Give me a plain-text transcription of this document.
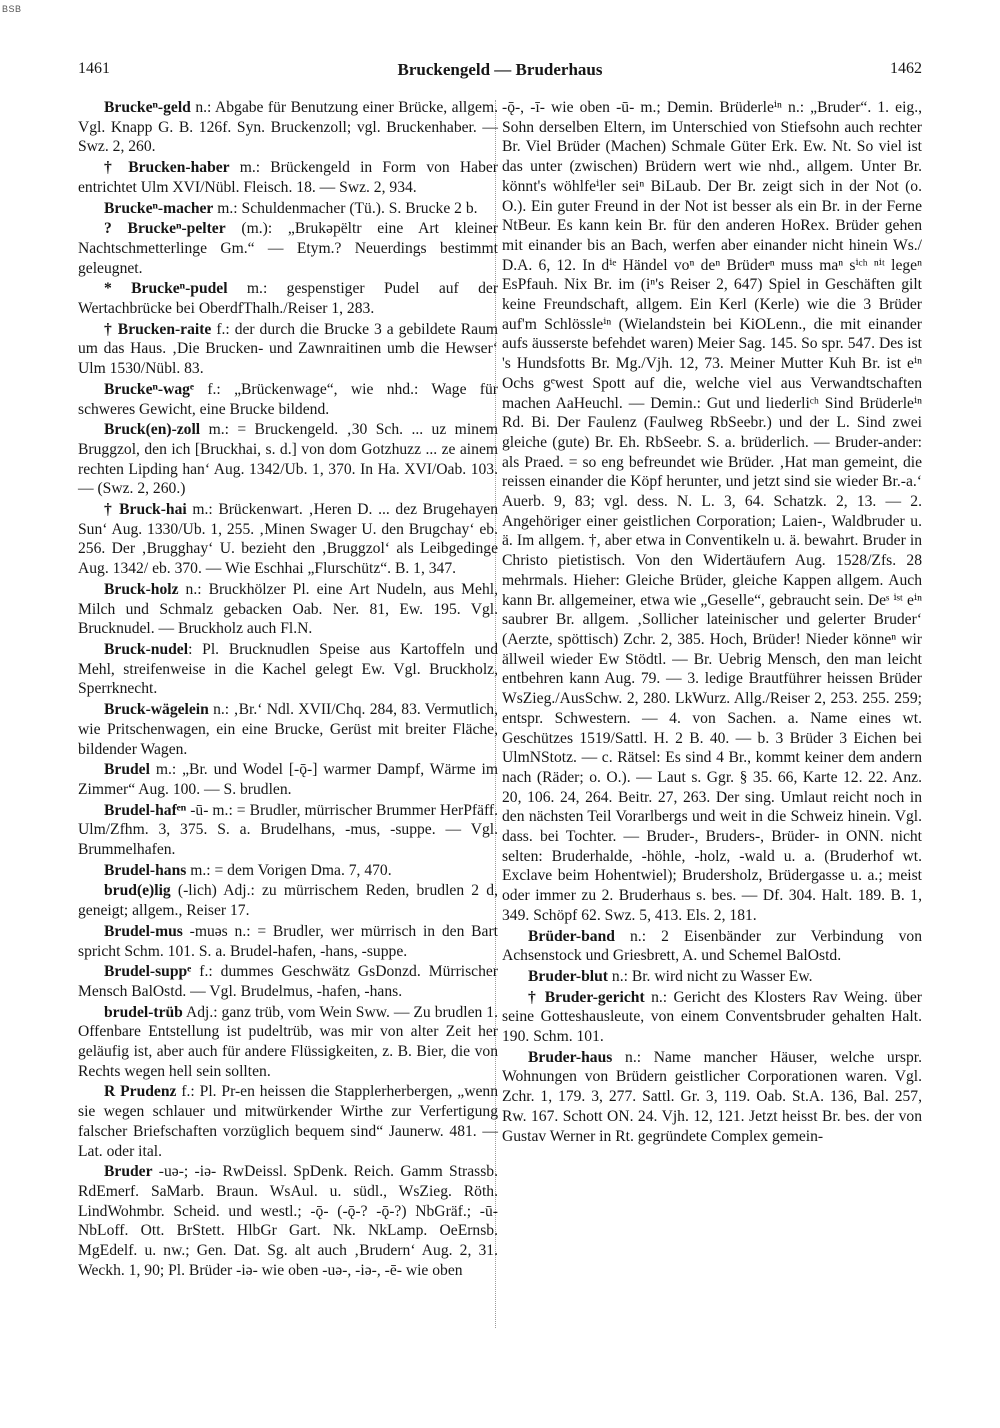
BSB
1461	Bruckengeld — Bruderhaus	1462

Bruckeⁿ-geld n.: Abgabe für Benutzung einer Brücke, allgem. Vgl. Knapp G. B. 126f. Syn. Bruckenzoll; vgl. Bruckenhaber. — Swz. 2, 260.

† Brucken-haber m.: Brückengeld in Form von Haber entrichtet Ulm XVI/Nübl. Fleisch. 18. — Swz. 2, 934.

Bruckeⁿ-macher m.: Schuldenmacher (Tü.). S. Brucke 2 b.

? Bruckeⁿ-pelter (m.): „Brukəpëltr eine Art kleiner Nachtschmetterlinge Gm.“ — Etym.? Neuerdings bestimmt geleugnet.

* Bruckeⁿ-pudel m.: gespenstiger Pudel auf der Wertachbrücke bei OberdfThalh./Reiser 1, 283.

† Brucken-raite f.: der durch die Brucke 3 a gebildete Raum um das Haus. ‚Die Brucken- und Zawnraitinen umb die Hewser‘ Ulm 1530/Nübl. 83.

Bruckeⁿ-wagᵉ f.: „Brückenwage“, wie nhd.: Wage für schweres Gewicht, eine Brucke bildend.

Bruck(en)-zoll m.: = Bruckengeld. ‚30 Sch. ... uz minem Bruggzol, den ich [Bruckhai, s. d.] von dom Gotzhuzz ... ze ainem rechten Lipding han‘ Aug. 1342/Ub. 1, 370. In Ha. XVI/Oab. 103. — (Swz. 2, 260.)

† Bruck-hai m.: Brückenwart. ‚Heren D. ... dez Brugehayen Sun‘ Aug. 1330/Ub. 1, 255. ‚Minen Swager U. den Brugchay‘ eb. 256. Der ‚Brugghay‘ U. bezieht den ‚Bruggzol‘ als Leibgedinge Aug. 1342/ eb. 370. — Wie Eschhai „Flurschütz“. B. 1, 347.

Bruck-holz n.: Bruckhölzer Pl. eine Art Nudeln, aus Mehl, Milch und Schmalz gebacken Oab. Ner. 81, Ew. 195. Vgl. Brucknudel. — Bruckholz auch Fl.N.

Bruck-nudel: Pl. Brucknudlen Speise aus Kartoffeln und Mehl, streifenweise in die Kachel gelegt Ew. Vgl. Bruckholz, Sperrknecht.

Bruck-wägelein n.: ‚Br.‘ Ndl. XVII/Chq. 284, 83. Vermutlich, wie Pritschenwagen, ein eine Brucke, Gerüst mit breiter Fläche, bildender Wagen.

Brudel m.: „Br. und Wodel [-ǭ-] warmer Dampf, Wärme im Zimmer“ Aug. 100. — S. brudlen.

Brudel-hafᵉⁿ -ū- m.: = Brudler, mürrischer Brummer HerPfäff. Ulm/Zfhm. 3, 375. S. a. Brudelhans, -mus, -suppe. — Vgl. Brummelhafen.

Brudel-hans m.: = dem Vorigen Dma. 7, 470.

brud(e)lig (-lich) Adj.: zu mürrischem Reden, brudlen 2 d, geneigt; allgem., Reiser 17.

Brudel-mus -muəs n.: = Brudler, wer mürrisch in den Bart spricht Schm. 101. S. a. Brudel-hafen, -hans, -suppe.

Brudel-suppᵉ f.: dummes Geschwätz GsDonzd. Mürrischer Mensch BalOstd. — Vgl. Brudelmus, -hafen, -hans.

brudel-trüb Adj.: ganz trüb, vom Wein Sww. — Zu brudlen 1. Offenbare Entstellung ist pudeltrüb, was mir von alter Zeit her geläufig ist, aber auch für andere Flüssigkeiten, z. B. Bier, die von Rechts wegen hell sein sollten.

R Prudenz f.: Pl. Pr-en heissen die Stapplerherbergen, „wenn sie wegen schlauer und mitwürkender Wirthe zur Verfertigung falscher Briefschaften vorzüglich bequem sind“ Jaunerw. 481. — Lat. oder ital.

Bruder -uə-; -iə- RwDeissl. SpDenk. Reich. Gamm Strassb. RdEmerf. SaMarb. Braun. WsAul. u. südl., WsZieg. Röth. LindWohmbr. Scheid. und westl.; -ǭ- (-ǭ-? -ǭ-?) NbGräf.; -ū- NbLoff. Ott. BrStett. HlbGr Gart. Nk. NkLamp. OeErnsb. MgEdelf. u. nw.; Gen. Dat. Sg. alt auch ‚Brudern‘ Aug. 2, 31. Weckh. 1, 90; Pl. Brüder -iə- wie oben -uə-, -iə-, -ē- wie oben

-ǭ-, -ī- wie oben -ū- m.; Demin. Brüderleⁱⁿ n.: „Bruder“. 1. eig., Sohn derselben Eltern, im Unterschied von Stiefsohn auch rechter Br. Viel Brüder (Machen) Schmale Güter Erk. Ew. Nt. So viel ist das unter (zwischen) Brüdern wert wie nhd., allgem. Unter Br. könnt's wöhlfeⁱler seiⁿ BiLaub. Der Br. zeigt sich in der Not (o. O.). Ein guter Freund in der Not ist besser als ein Br. in der Ferne NtBeur. Es kann kein Br. für den anderen HoRex. Brüder gehen mit einander bis an Bach, werfen aber einander nicht hinein Ws./ D.A. 6, 12. In dⁱᵉ Händel voⁿ deⁿ Brüderⁿ muss maⁿ sⁱᶜʰ ⁿⁱᵗ legeⁿ EsPfauh. Nix Br. im (iⁿ's Reiser 2, 647) Spiel in Geschäften gilt keine Freundschaft, allgem. Ein Kerl (Kerle) wie die 3 Brüder auf'm Schlössleⁱⁿ (Wielandstein bei KiOLenn., die mit einander aufs äusserste befehdet waren) Meier Sag. 145. So spr. 547. Des ist 's Hundsfotts Br. Mg./Vjh. 12, 73. Meiner Mutter Kuh Br. ist eⁱⁿ Ochs gᵉwest Spott auf die, welche viel aus Verwandtschaften machen AaHeuchl. — Demin.: Gut und liederliᶜʰ Sind Brüderleⁱⁿ Rd. Bi. Der Faulenz (Faulweg RbSeebr.) und der L. Sind zwei gleiche (gute) Br. Eh. RbSeebr. S. a. brüderlich. — Bruder-ander: als Praed. = so eng befreundet wie Brüder. ‚Hat man gemeint, die reissen einander die Köpf herunter, und jetzt sind sie wieder Br.-a.‘ Auerb. 9, 83; vgl. dess. N. L. 3, 64. Schatzk. 2, 13. — 2. Angehöriger einer geistlichen Corporation; Laien-, Waldbruder u. ä. Im allgem. †, aber etwa in Conventikeln u. ä. bewahrt. Bruder in Christo pietistisch. Von den Widertäufern Aug. 1528/Zfs. 28 mehrmals. Hieher: Gleiche Brüder, gleiche Kappen allgem. Auch kann Br. allgemeiner, etwa wie „Geselle“, gebraucht sein. Deˢ ⁱˢᵗ eⁱⁿ saubrer Br. allgem. ‚Sollicher lateinischer und gelerter Bruder‘ (Aerzte, spöttisch) Zchr. 2, 385. Hoch, Brüder! Nieder könneⁿ wir ällweil wieder Ew Stödtl. — Br. Uebrig Mensch, den man leicht entbehren kann Aug. 79. — 3. ledige Brautführer heissen Brüder WsZieg./AusSchw. 2, 280. LkWurz. Allg./Reiser 2, 253. 255. 259; entspr. Schwestern. — 4. von Sachen. a. Name eines wt. Geschützes 1519/Sattl. H. 2 B. 40. — b. 3 Brüder 3 Eichen bei UlmNStotz. — c. Rätsel: Es sind 4 Br., kommt keiner dem andern nach (Räder; o. O.). — Laut s. Ggr. § 35. 66, Karte 12. 22. Anz. 20, 106. 24, 264. Beitr. 27, 263. Der sing. Umlaut reicht noch in den nächsten Teil Vorarlbergs und weit in die Schweiz hinein. Vgl. dass. bei Tochter. — Bruder-, Bruders-, Brüder- in ONN. nicht selten: Bruderhalde, -höhle, -holz, -wald u. a. (Bruderhof wt. Exclave beim Hohentwiel); Brudersholz, Brüdergasse u. a.; meist oder immer zu 2. Bruderhaus s. bes. — Df. 304. Halt. 189. B. 1, 349. Schöpf 62. Swz. 5, 413. Els. 2, 181.

Brüder-band n.: 2 Eisenbänder zur Verbindung von Achsenstock und Griesbrett, A. und Schemel BalOstd.

Bruder-blut n.: Br. wird nicht zu Wasser Ew.

† Bruder-gericht n.: Gericht des Klosters Rav Weing. über seine Gotteshausleute, von einem Conventsbruder gehalten Halt. 190. Schm. 101.

Bruder-haus n.: Name mancher Häuser, welche urspr. Wohnungen von Brüdern geistlicher Corporationen waren. Vgl. Zchr. 1, 179. 3, 277. Sattl. Gr. 3, 119. Oab. St.A. 136, Bal. 257, Rw. 167. Schott ON. 24. Vjh. 12, 121. Jetzt heisst Br. bes. der von Gustav Werner in Rt. gegründete Complex gemein-
